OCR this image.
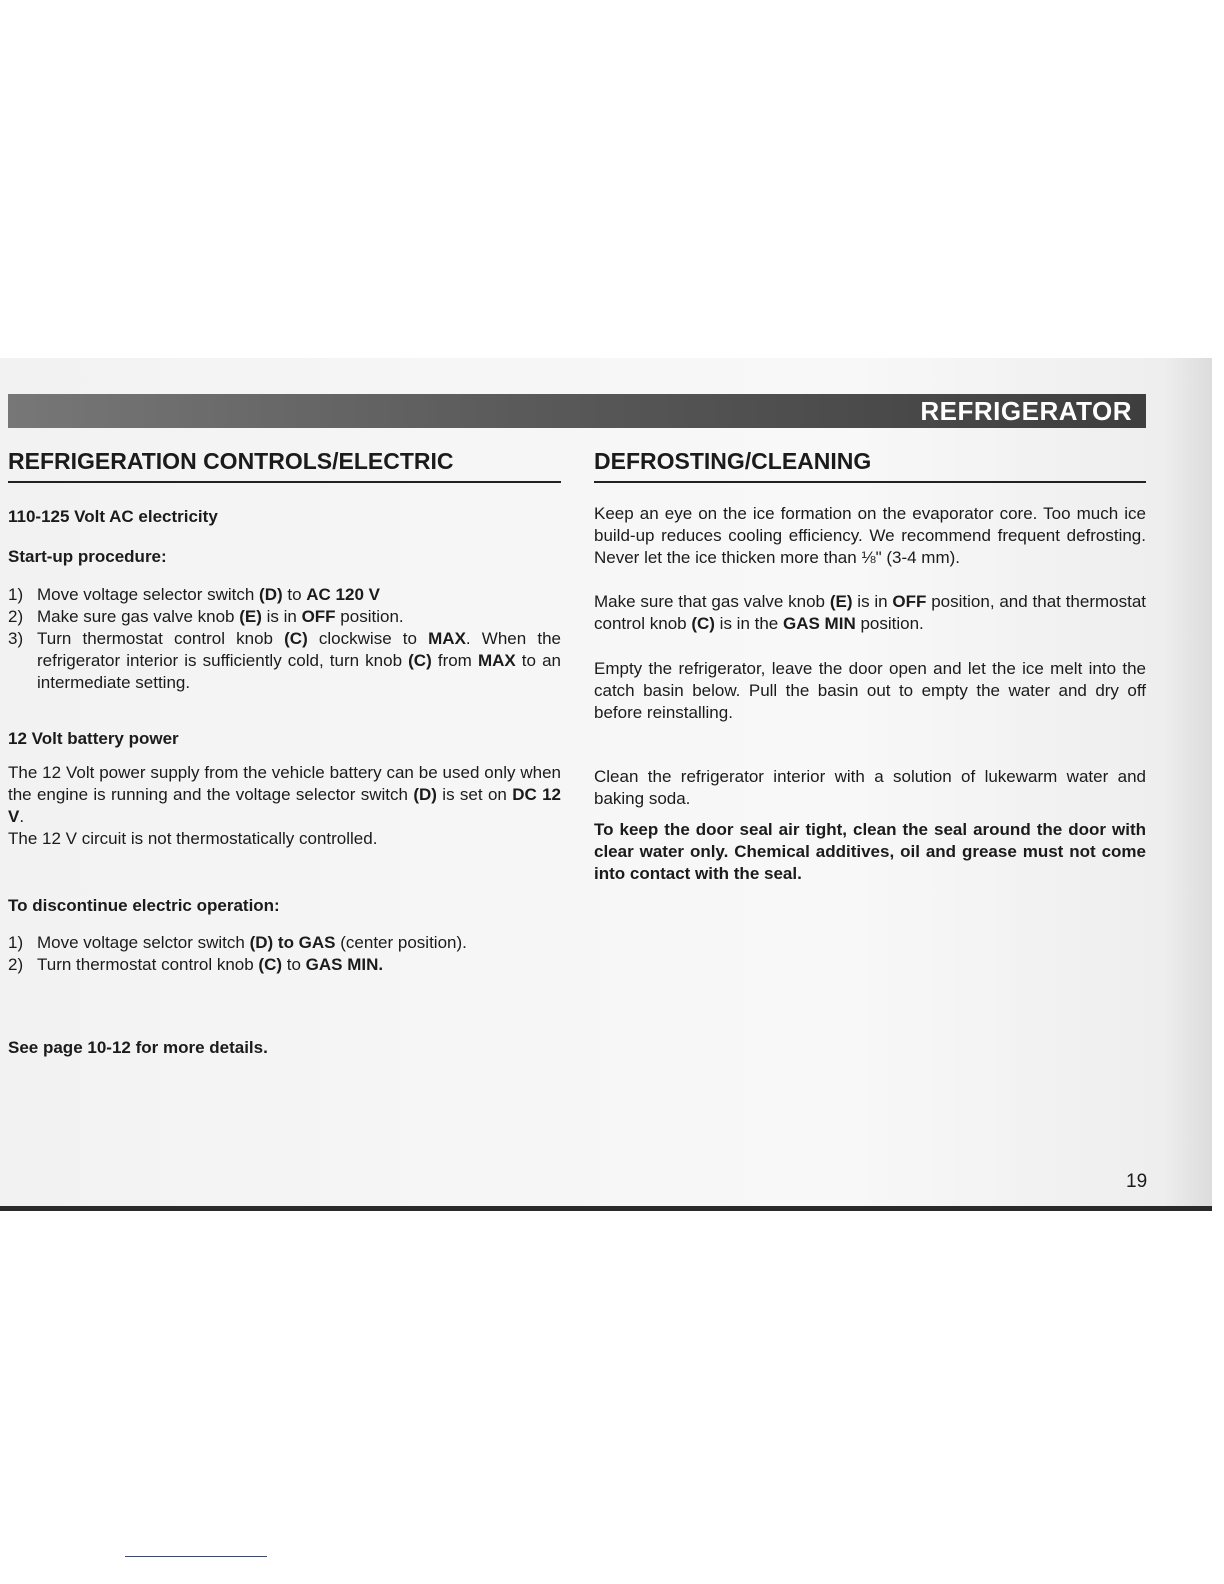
REFRIGERATOR
REFRIGERATION CONTROLS/ELECTRIC
110-125 Volt AC electricity
Start-up procedure:
1) Move voltage selector switch (D) to AC 120 V
2) Make sure gas valve knob (E) is in OFF position.
3) Turn thermostat control knob (C) clockwise to MAX. When the refrigerator interior is sufficiently cold, turn knob (C) from MAX to an intermediate setting.
12 Volt battery power

The 12 Volt power supply from the vehicle battery can be used only when the engine is running and the voltage selector switch (D) is set on DC 12 V.

The 12 V circuit is not thermostatically controlled.

To discontinue electric operation:
1) Move voltage selctor switch (D) to GAS (center position).
2) Turn thermostat control knob (C) to GAS MIN.
See page 10-12 for more details.
DEFROSTING/CLEANING

Keep an eye on the ice formation on the evaporator core. Too much ice build-up reduces cooling efficiency. We recommend frequent defrosting. Never let the ice thicken more than ⅛" (3-4 mm).

Make sure that gas valve knob (E) is in OFF position, and that thermostat control knob (C) is in the GAS MIN position.

Empty the refrigerator, leave the door open and let the ice melt into the catch basin below. Pull the basin out to empty the water and dry off before reinstalling.

Clean the refrigerator interior with a solution of lukewarm water and baking soda.

To keep the door seal air tight, clean the seal around the door with clear water only. Chemical additives, oil and grease must not come into contact with the seal.

19
